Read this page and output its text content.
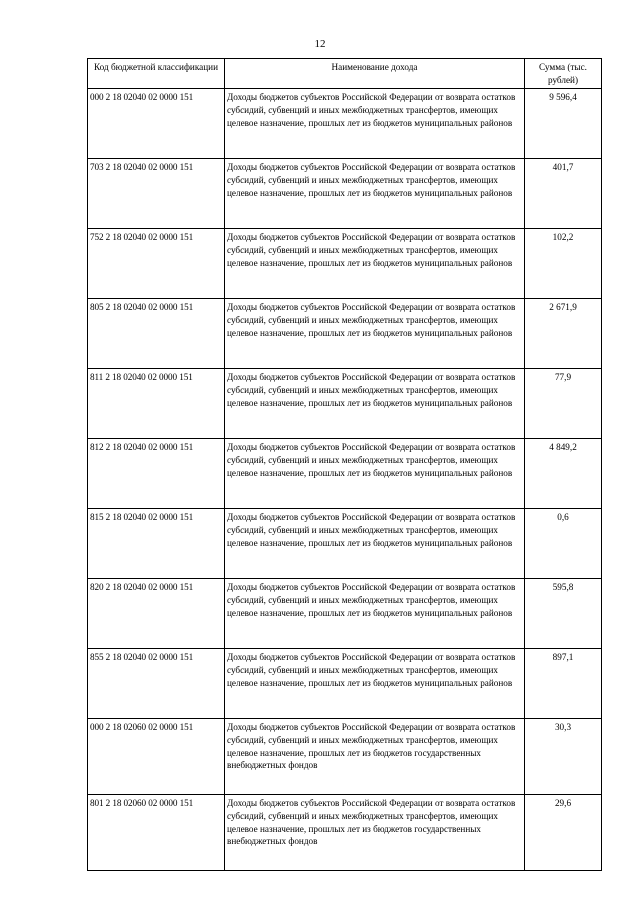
12
Код бюджетной классификации	Наименование дохода	Сумма (тыс. рублей)
000 2 18 02040 02 0000 151	Доходы бюджетов субъектов Российской Федерации от возврата остатков субсидий, субвенций и иных межбюджетных трансфертов, имеющих целевое назначение, прошлых лет из бюджетов муниципальных районов	9 596,4
703 2 18 02040 02 0000 151	Доходы бюджетов субъектов Российской Федерации от возврата остатков субсидий, субвенций и иных межбюджетных трансфертов, имеющих целевое назначение, прошлых лет из бюджетов муниципальных районов	401,7
752 2 18 02040 02 0000 151	Доходы бюджетов субъектов Российской Федерации от возврата остатков субсидий, субвенций и иных межбюджетных трансфертов, имеющих целевое назначение, прошлых лет из бюджетов муниципальных районов	102,2
805 2 18 02040 02 0000 151	Доходы бюджетов субъектов Российской Федерации от возврата остатков субсидий, субвенций и иных межбюджетных трансфертов, имеющих целевое назначение, прошлых лет из бюджетов муниципальных районов	2 671,9
811 2 18 02040 02 0000 151	Доходы бюджетов субъектов Российской Федерации от возврата остатков субсидий, субвенций и иных межбюджетных трансфертов, имеющих целевое назначение, прошлых лет из бюджетов муниципальных районов	77,9
812 2 18 02040 02 0000 151	Доходы бюджетов субъектов Российской Федерации от возврата остатков субсидий, субвенций и иных межбюджетных трансфертов, имеющих целевое назначение, прошлых лет из бюджетов муниципальных районов	4 849,2
815 2 18 02040 02 0000 151	Доходы бюджетов субъектов Российской Федерации от возврата остатков субсидий, субвенций и иных межбюджетных трансфертов, имеющих целевое назначение, прошлых лет из бюджетов муниципальных районов	0,6
820 2 18 02040 02 0000 151	Доходы бюджетов субъектов Российской Федерации от возврата остатков субсидий, субвенций и иных межбюджетных трансфертов, имеющих целевое назначение, прошлых лет из бюджетов муниципальных районов	595,8
855 2 18 02040 02 0000 151	Доходы бюджетов субъектов Российской Федерации от возврата остатков субсидий, субвенций и иных межбюджетных трансфертов, имеющих целевое назначение, прошлых лет из бюджетов муниципальных районов	897,1
000 2 18 02060 02 0000 151	Доходы бюджетов субъектов Российской Федерации от возврата остатков субсидий, субвенций и иных межбюджетных трансфертов, имеющих целевое назначение, прошлых лет из бюджетов государственных внебюджетных фондов	30,3
801 2 18 02060 02 0000 151	Доходы бюджетов субъектов Российской Федерации от возврата остатков субсидий, субвенций и иных межбюджетных трансфертов, имеющих целевое назначение, прошлых лет из бюджетов государственных внебюджетных фондов	29,6
